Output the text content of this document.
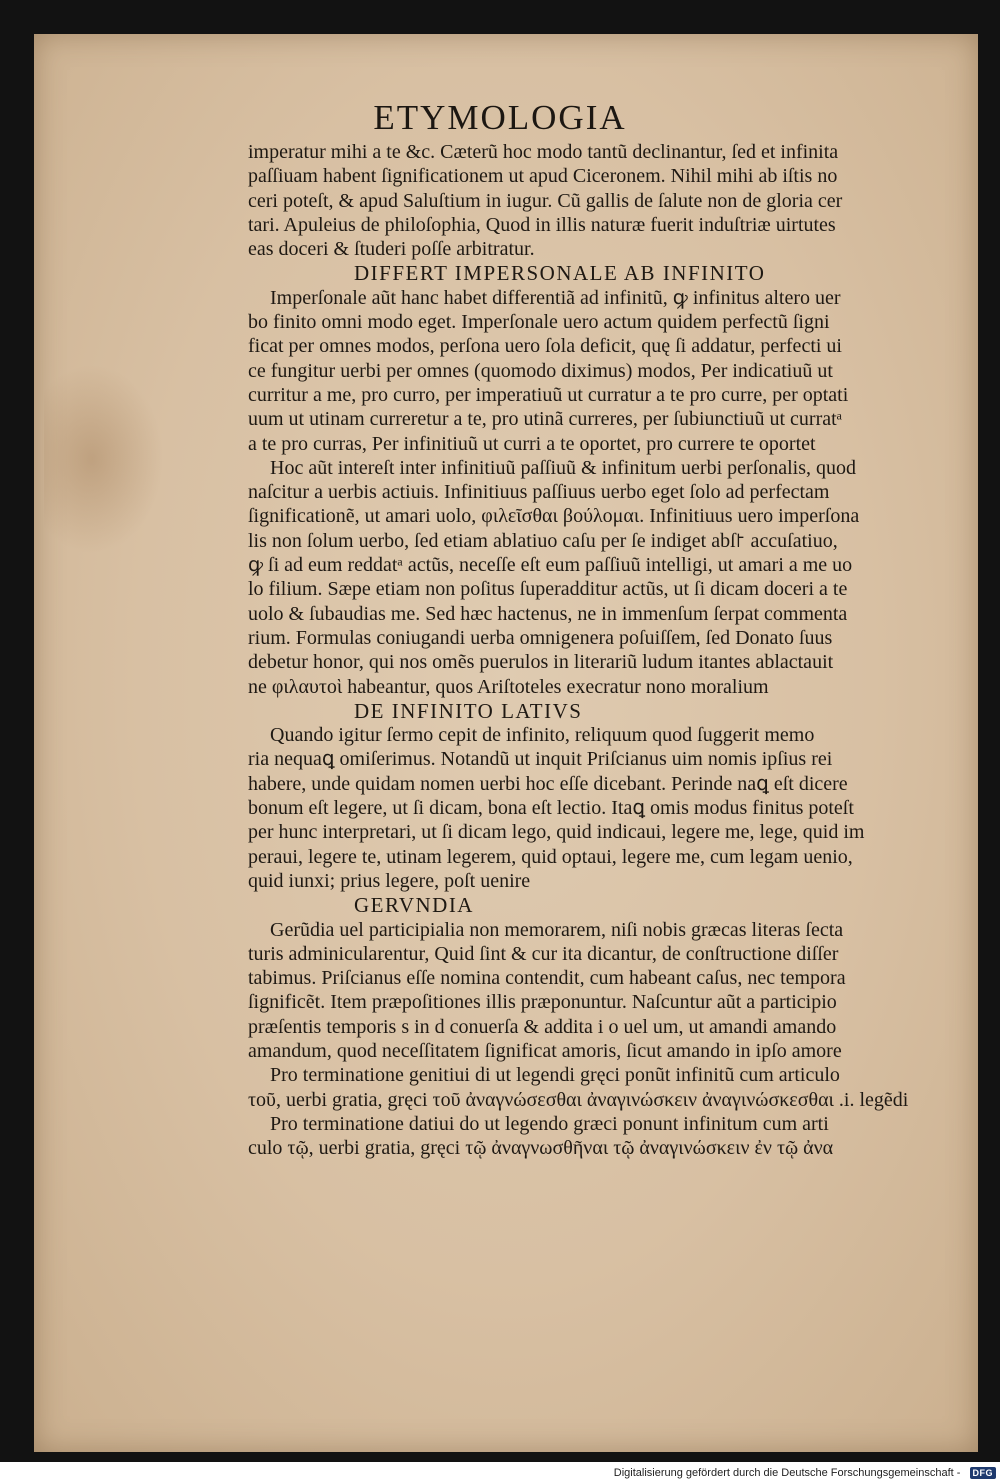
ETYMOLOGIA
imperatur mihi a te &c. Cæterũ hoc modo tantũ declinantur, ſed et infinita
paſſiuam habent ſignificationem ut apud Ciceronem. Nihil mihi ab iſtis no
ceri poteſt, & apud Saluſtium in iugur. Cũ gallis de ſalute non de gloria cer
tari. Apuleius de philoſophia, Quod in illis naturæ fuerit induſtriæ uirtutes
eas doceri & ſtuderi poſſe arbitratur.
DIFFERT IMPERSONALE AB INFINITO
Imperſonale aũt hanc habet differentiã ad infinitũ, ꝙ infinitus altero uer
bo finito omni modo eget. Imperſonale uero actum quidem perfectũ ſigni
ficat per omnes modos, perſona uero ſola deficit, quę ſi addatur, perfecti ui
ce fungitur uerbi per omnes (quomodo diximus) modos, Per indicatiuũ ut
curritur a me, pro curro, per imperatiuũ ut curratur a te pro curre, per optati
uum ut utinam curreretur a te, pro utinã curreres, per ſubiunctiuũ ut curratᵃ
a te pro curras, Per infinitiuũ ut curri a te oportet, pro currere te oportet
Hoc aũt intereſt inter infinitiuũ paſſiuũ & infinitum uerbi perſonalis, quod
naſcitur a uerbis actiuis. Infinitiuus paſſiuus uerbo eget ſolo ad perfectam
ſignificationẽ, ut amari uolo, φιλεῖσθαι βούλομαι. Infinitiuus uero imperſona
lis non ſolum uerbo, ſed etiam ablatiuo caſu per ſe indiget abſ꜓ accuſatiuo,
ꝙ ſi ad eum reddatᵃ actũs, neceſſe eſt eum paſſiuũ intelligi, ut amari a me uo
lo filium. Sæpe etiam non poſitus ſuperadditur actũs, ut ſi dicam doceri a te
uolo & ſubaudias me. Sed hæc hactenus, ne in immenſum ſerpat commenta
rium. Formulas coniugandi uerba omnigenera poſuiſſem, ſed Donato ſuus
debetur honor, qui nos omẽs puerulos in literariũ ludum itantes ablactauit
ne φιλαυτοὶ habeantur, quos Ariſtoteles execratur nono moralium
DE INFINITO LATIVS
Quando igitur ſermo cepit de infinito, reliquum quod ſuggerit memo
ria nequaꝗ omiſerimus. Notandũ ut inquit Priſcianus uim nomis ipſius rei
habere, unde quidam nomen uerbi hoc eſſe dicebant. Perinde naꝗ eſt dicere
bonum eſt legere, ut ſi dicam, bona eſt lectio. Itaꝗ omis modus finitus poteſt
per hunc interpretari, ut ſi dicam lego, quid indicaui, legere me, lege, quid im
peraui, legere te, utinam legerem, quid optaui, legere me, cum legam uenio,
quid iunxi; prius legere, poſt uenire
GERVNDIA
Gerũdia uel participialia non memorarem, niſi nobis græcas literas ſecta
turis adminicularentur, Quid ſint & cur ita dicantur, de conſtructione diſſer
tabimus. Priſcianus eſſe nomina contendit, cum habeant caſus, nec tempora
ſignificẽt. Item præpoſitiones illis præponuntur. Naſcuntur aũt a participio
præſentis temporis s in d conuerſa & addita i o uel um, ut amandi amando
amandum, quod neceſſitatem ſignificat amoris, ſicut amando in ipſo amore
Pro terminatione genitiui di ut legendi gręci ponũt infinitũ cum articulo
τοῦ, uerbi gratia, gręci τοῦ ἀναγνώσεσθαι ἀναγινώσκειν ἀναγινώσκεσθαι .i. legẽdi
Pro terminatione datiui do ut legendo græci ponunt infinitum cum arti
culo τῷ, uerbi gratia, gręci τῷ ἀναγνωσθῆναι τῷ ἀναγινώσκειν ἐν τῷ ἀνα
Digitalisierung gefördert durch die Deutsche Forschungsgemeinschaft - DFG
